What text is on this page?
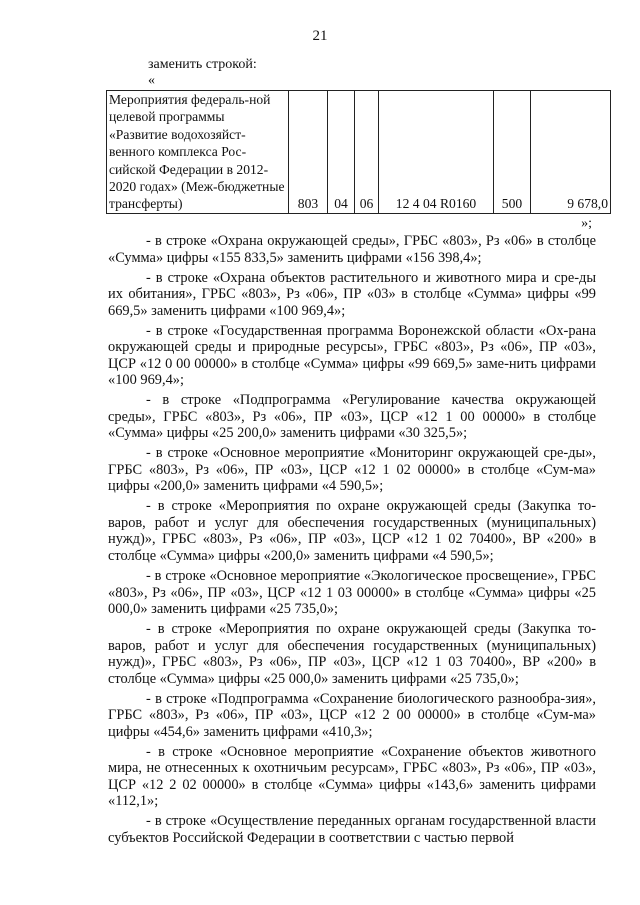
21
заменить строкой:
«
Мероприятия федераль-ной целевой программы «Развитие водохозяйст-венного комплекса Рос-сийской Федерации в 2012-2020 годах» (Меж-бюджетные трансферты)	803	04	06	12 4 04 R0160	500	9 678,0
»;

- в строке «Охрана окружающей среды», ГРБС «803», Рз «06» в столбце «Сумма» цифры «155 833,5» заменить цифрами «156 398,4»;

- в строке «Охрана объектов растительного и животного мира и сре-ды их обитания», ГРБС «803», Рз «06», ПР «03» в столбце «Сумма» цифры «99 669,5» заменить цифрами «100 969,4»;

- в строке «Государственная программа Воронежской области «Ох-рана окружающей среды и природные ресурсы», ГРБС «803», Рз «06», ПР «03», ЦСР «12 0 00 00000» в столбце «Сумма» цифры «99 669,5» заме-нить цифрами «100 969,4»;

- в строке «Подпрограмма «Регулирование качества окружающей среды», ГРБС «803», Рз «06», ПР «03», ЦСР «12 1 00 00000» в столбце «Сумма» цифры «25 200,0» заменить цифрами «30 325,5»;

- в строке «Основное мероприятие «Мониторинг окружающей сре-ды», ГРБС «803», Рз «06», ПР «03», ЦСР «12 1 02 00000» в столбце «Сум-ма» цифры «200,0» заменить цифрами «4 590,5»;

- в строке «Мероприятия по охране окружающей среды (Закупка то-варов, работ и услуг для обеспечения государственных (муниципальных) нужд)», ГРБС «803», Рз «06», ПР «03», ЦСР «12 1 02 70400», ВР «200» в столбце «Сумма» цифры «200,0» заменить цифрами «4 590,5»;

- в строке «Основное мероприятие «Экологическое просвещение», ГРБС «803», Рз «06», ПР «03», ЦСР «12 1 03 00000» в столбце «Сумма» цифры «25 000,0» заменить цифрами «25 735,0»;

- в строке «Мероприятия по охране окружающей среды (Закупка то-варов, работ и услуг для обеспечения государственных (муниципальных) нужд)», ГРБС «803», Рз «06», ПР «03», ЦСР «12 1 03 70400», ВР «200» в столбце «Сумма» цифры «25 000,0» заменить цифрами «25 735,0»;

- в строке «Подпрограмма «Сохранение биологического разнообра-зия», ГРБС «803», Рз «06», ПР «03», ЦСР «12 2 00 00000» в столбце «Сум-ма» цифры «454,6» заменить цифрами «410,3»;

- в строке «Основное мероприятие «Сохранение объектов животного мира, не отнесенных к охотничьим ресурсам», ГРБС «803», Рз «06», ПР «03», ЦСР «12 2 02 00000» в столбце «Сумма» цифры «143,6» заменить цифрами «112,1»;

- в строке «Осуществление переданных органам государственной власти субъектов Российской Федерации в соответствии с частью первой
